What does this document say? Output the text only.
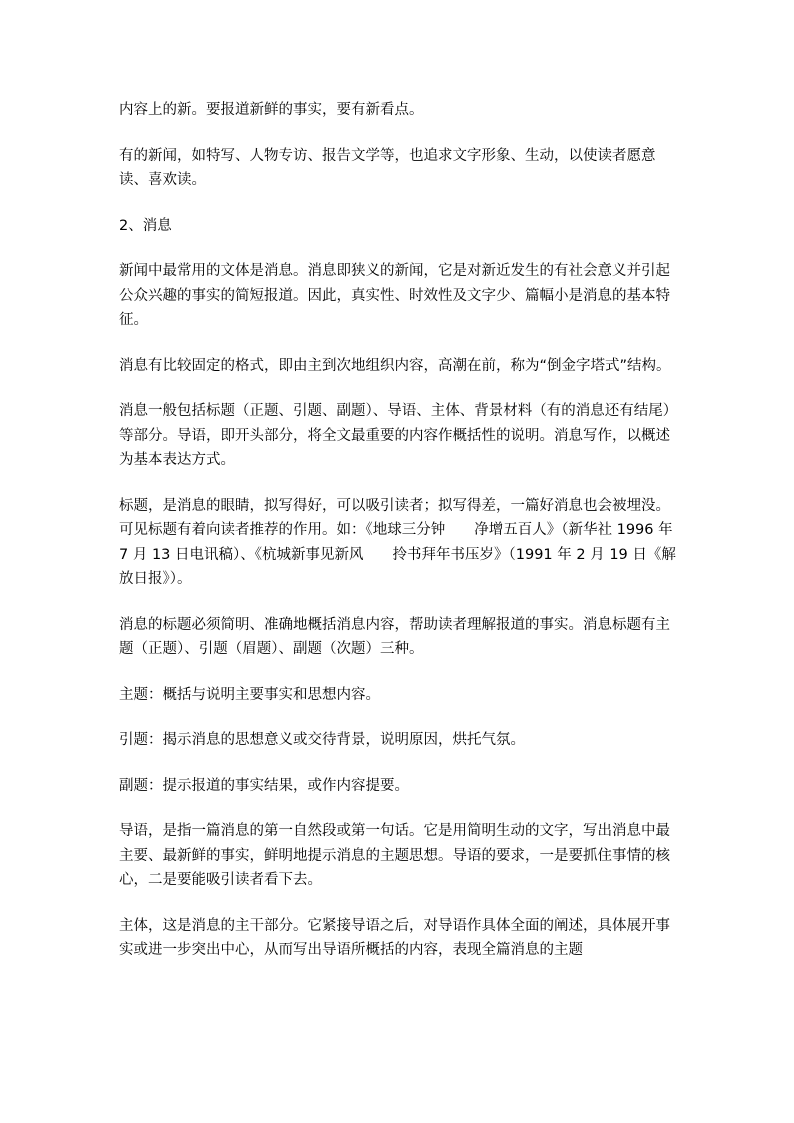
内容上的新。要报道新鲜的事实，要有新看点。

有的新闻，如特写、人物专访、报告文学等，也追求文字形象、生动，以使读者愿意读、喜欢读。

2、消息

新闻中最常用的文体是消息。消息即狭义的新闻，它是对新近发生的有社会意义并引起公众兴趣的事实的简短报道。因此，真实性、时效性及文字少、篇幅小是消息的基本特征。

消息有比较固定的格式，即由主到次地组织内容，高潮在前，称为“倒金字塔式”结构。

消息一般包括标题（正题、引题、副题）、导语、主体、背景材料（有的消息还有结尾）等部分。导语，即开头部分，将全文最重要的内容作概括性的说明。消息写作，以概述为基本表达方式。

标题，是消息的眼睛，拟写得好，可以吸引读者；拟写得差，一篇好消息也会被埋没。可见标题有着向读者推荐的作用。如：《地球三分钟　　净增五百人》（新华社 1996 年 7 月 13 日电讯稿）、《杭城新事见新风　　拎书拜年书压岁》（1991 年 2 月 19 日《解放日报》）。

消息的标题必须简明、准确地概括消息内容，帮助读者理解报道的事实。消息标题有主题（正题）、引题（眉题）、副题（次题）三种。

主题：概括与说明主要事实和思想内容。

引题：揭示消息的思想意义或交待背景，说明原因，烘托气氛。

副题：提示报道的事实结果，或作内容提要。

导语，是指一篇消息的第一自然段或第一句话。它是用简明生动的文字，写出消息中最主要、最新鲜的事实，鲜明地提示消息的主题思想。导语的要求，一是要抓住事情的核心，二是要能吸引读者看下去。

主体，这是消息的主干部分。它紧接导语之后，对导语作具体全面的阐述，具体展开事实或进一步突出中心，从而写出导语所概括的内容，表现全篇消息的主题
